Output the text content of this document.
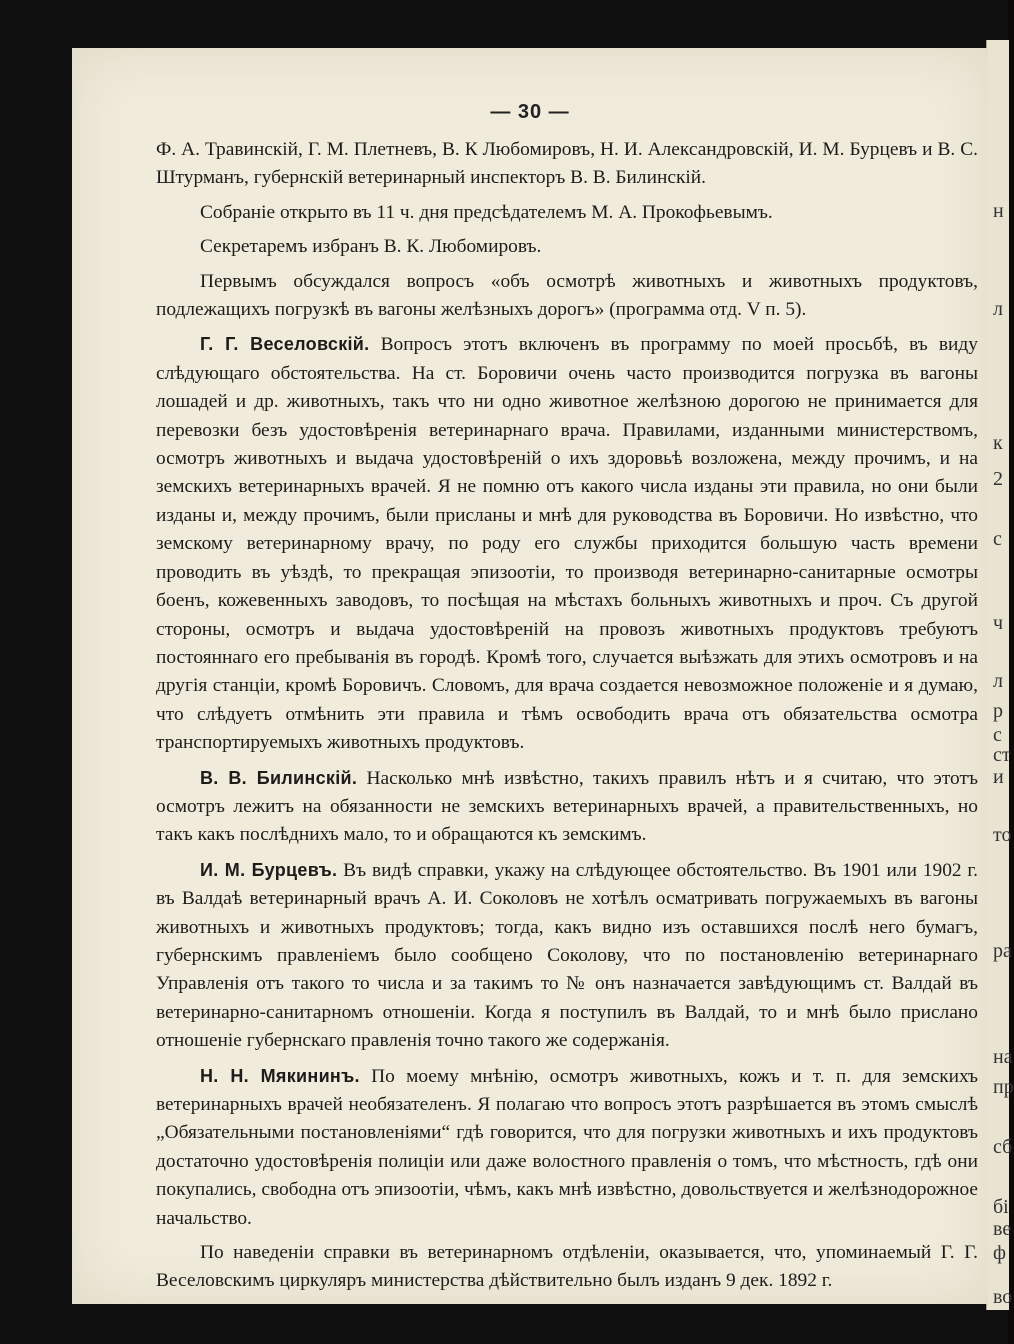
н
л
к
2
с
ч
л
р
с
ст
и
то
ра
на
пр
сб
бі
ве
ф
во
— 30 —

Ф. А. Травинскій, Г. М. Плетневъ, В. К Любомировъ, Н. И. Александровскій, И. М. Бурцевъ и В. С. Штурманъ, губернскій ветеринарный инспекторъ В. В. Билинскій.

Собраніе открыто въ 11 ч. дня предсѣдателемъ М. А. Прокофьевымъ.

Секретаремъ избранъ В. К. Любомировъ.

Первымъ обсуждался вопросъ «объ осмотрѣ животныхъ и животныхъ продуктовъ, подлежащихъ погрузкѣ въ вагоны желѣзныхъ дорогъ» (программа отд. V п. 5).

Г. Г. Веселовскій. Вопросъ этотъ включенъ въ программу по моей просьбѣ, въ виду слѣдующаго обстоятельства. На ст. Боровичи очень часто производится погрузка въ вагоны лошадей и др. животныхъ, такъ что ни одно животное желѣзною дорогою не принимается для перевозки безъ удостовѣренія ветеринарнаго врача. Правилами, изданными министерствомъ, осмотръ животныхъ и выдача удостовѣреній о ихъ здоровьѣ возложена, между прочимъ, и на земскихъ ветеринарныхъ врачей. Я не помню отъ какого числа изданы эти правила, но они были изданы и, между прочимъ, были присланы и мнѣ для руководства въ Боровичи. Но извѣстно, что земскому ветеринарному врачу, по роду его службы приходится большую часть времени проводить въ уѣздѣ, то прекращая эпизоотіи, то производя ветеринарно-санитарные осмотры боенъ, кожевенныхъ заводовъ, то посѣщая на мѣстахъ больныхъ животныхъ и проч. Съ другой стороны, осмотръ и выдача удостовѣреній на провозъ животныхъ продуктовъ требуютъ постояннаго его пребыванія въ городѣ. Кромѣ того, случается выѣзжать для этихъ осмотровъ и на другія станціи, кромѣ Боровичъ. Словомъ, для врача создается невозможное положеніе и я думаю, что слѣдуетъ отмѣнить эти правила и тѣмъ освободить врача отъ обязательства осмотра транспортируемыхъ животныхъ продуктовъ.

В. В. Билинскій. Насколько мнѣ извѣстно, такихъ правилъ нѣтъ и я считаю, что этотъ осмотръ лежитъ на обязанности не земскихъ ветеринарныхъ врачей, а правительственныхъ, но такъ какъ послѣднихъ мало, то и обращаются къ земскимъ.

И. М. Бурцевъ. Въ видѣ справки, укажу на слѣдующее обстоятельство. Въ 1901 или 1902 г. въ Валдаѣ ветеринарный врачъ А. И. Соколовъ не хотѣлъ осматривать погружаемыхъ въ вагоны животныхъ и животныхъ продуктовъ; тогда, какъ видно изъ оставшихся послѣ него бумагъ, губернскимъ правленіемъ было сообщено Соколову, что по постановленію ветеринарнаго Управленія отъ такого то числа и за такимъ то № онъ назначается завѣдующимъ ст. Валдай въ ветеринарно-санитарномъ отношеніи. Когда я поступилъ въ Валдай, то и мнѣ было прислано отношеніе губернскаго правленія точно такого же содержанія.

Н. Н. Мякининъ. По моему мнѣнію, осмотръ животныхъ, кожъ и т. п. для земскихъ ветеринарныхъ врачей необязателенъ. Я полагаю что вопросъ этотъ разрѣшается въ этомъ смыслѣ „Обязательными постановленіями“ гдѣ говорится, что для погрузки животныхъ и ихъ продуктовъ достаточно удостовѣренія полиціи или даже волостного правленія о томъ, что мѣстность, гдѣ они покупались, свободна отъ эпизоотіи, чѣмъ, какъ мнѣ извѣстно, довольствуется и желѣзнодорожное начальство.

По наведеніи справки въ ветеринарномъ отдѣленіи, оказывается, что, упоминаемый Г. Г. Веселовскимъ циркуляръ министерства дѣйствительно былъ изданъ 9 дек. 1892 г.
